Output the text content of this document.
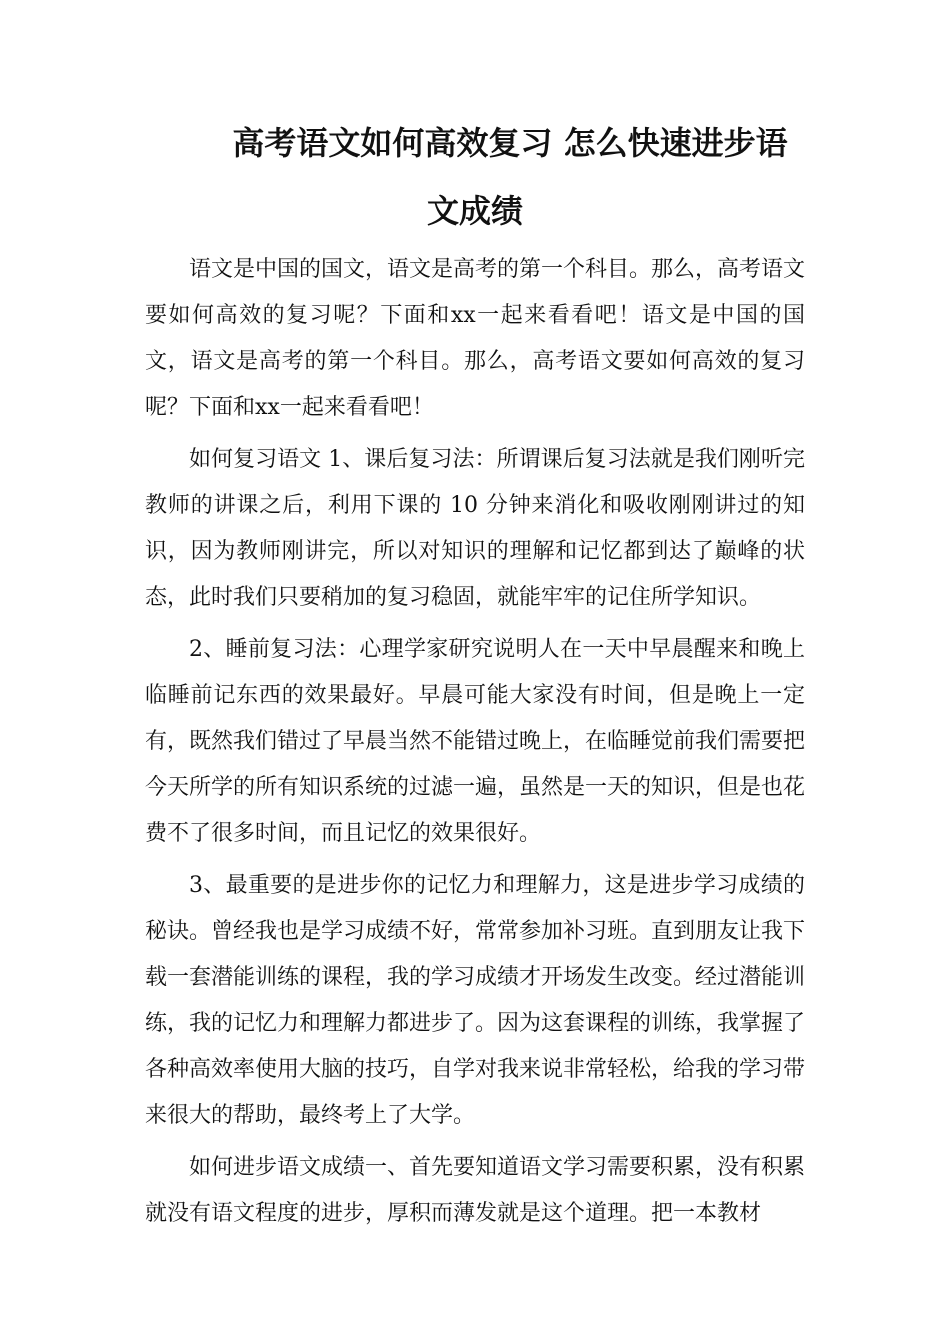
高考语文如何高效复习 怎么快速进步语
文成绩

语文是中国的国文，语文是高考的第一个科目。那么，高考语文要如何高效的复习呢？下面和xx一起来看看吧！语文是中国的国文，语文是高考的第一个科目。那么，高考语文要如何高效的复习呢？下面和xx一起来看看吧！

如何复习语文 1、课后复习法：所谓课后复习法就是我们刚听完教师的讲课之后，利用下课的 10 分钟来消化和吸收刚刚讲过的知识，因为教师刚讲完，所以对知识的理解和记忆都到达了巅峰的状态，此时我们只要稍加的复习稳固，就能牢牢的记住所学知识。

2、睡前复习法：心理学家研究说明人在一天中早晨醒来和晚上临睡前记东西的效果最好。早晨可能大家没有时间，但是晚上一定有，既然我们错过了早晨当然不能错过晚上，在临睡觉前我们需要把今天所学的所有知识系统的过滤一遍，虽然是一天的知识，但是也花费不了很多时间，而且记忆的效果很好。

3、最重要的是进步你的记忆力和理解力，这是进步学习成绩的秘诀。曾经我也是学习成绩不好，常常参加补习班。直到朋友让我下载一套潜能训练的课程，我的学习成绩才开场发生改变。经过潜能训练，我的记忆力和理解力都进步了。因为这套课程的训练，我掌握了各种高效率使用大脑的技巧，自学对我来说非常轻松，给我的学习带来很大的帮助，最终考上了大学。

如何进步语文成绩一、首先要知道语文学习需要积累，没有积累就没有语文程度的进步，厚积而薄发就是这个道理。把一本教材
